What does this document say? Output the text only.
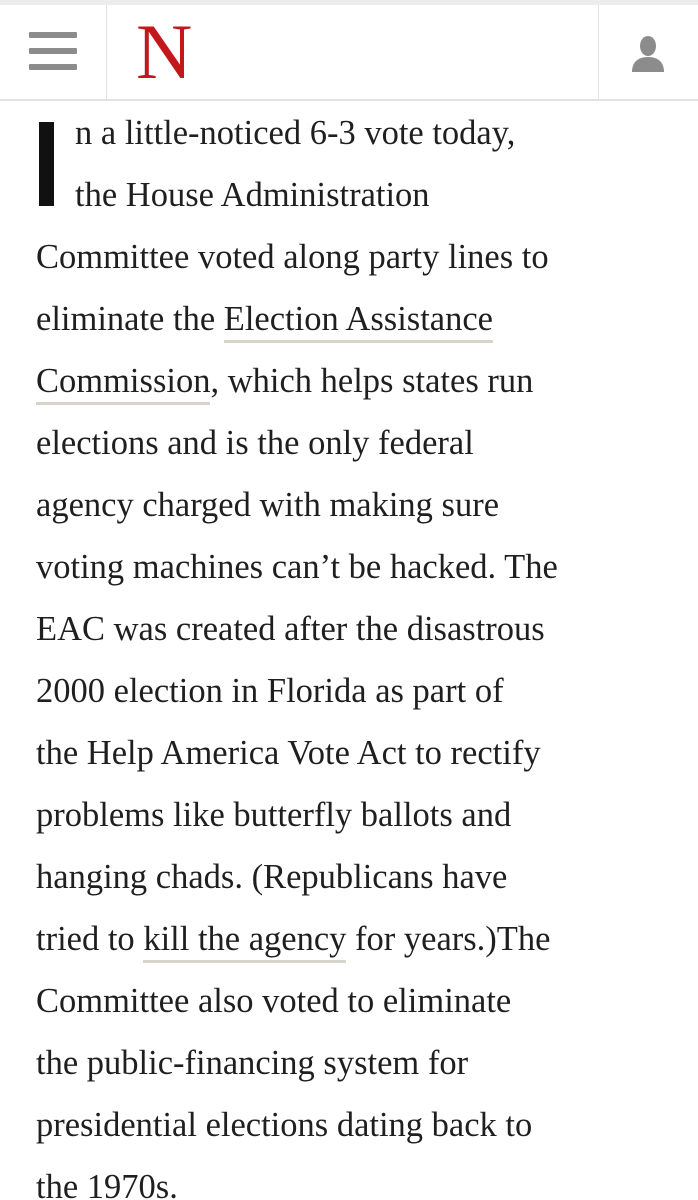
N
n a little-noticed 6-3 vote today,
the House Administration
Committee voted along party lines to
eliminate the Election Assistance
Commission, which helps states run
elections and is the only federal
agency charged with making sure
voting machines can’t be hacked. The
EAC was created after the disastrous
2000 election in Florida as part of
the Help America Vote Act to rectify
problems like butterfly ballots and
hanging chads. (Republicans have
tried to kill the agency for years.)The
Committee also voted to eliminate
the public-financing system for
presidential elections dating back to
the 1970s.
